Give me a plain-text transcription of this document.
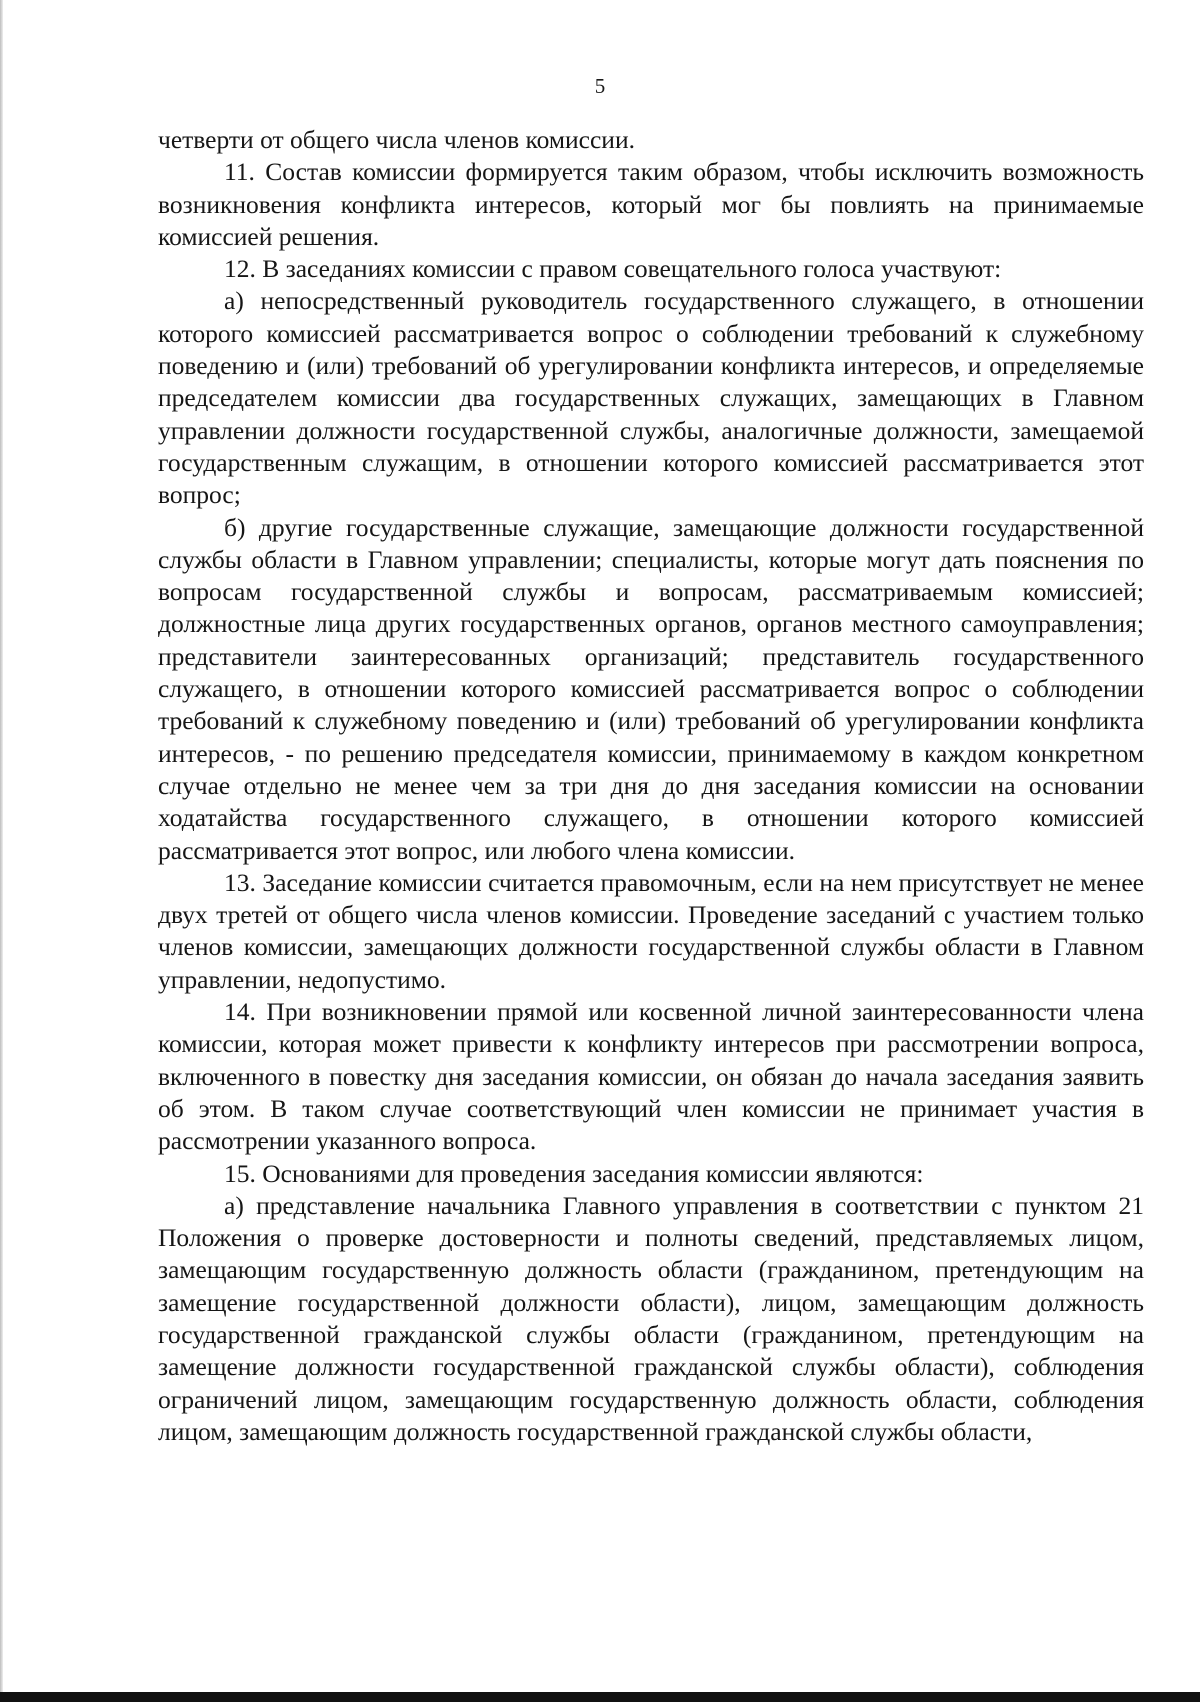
5

четверти от общего числа членов комиссии.

11. Состав комиссии формируется таким образом, чтобы исключить возможность возникновения конфликта интересов, который мог бы повлиять на принимаемые комиссией решения.

12. В заседаниях комиссии с правом совещательного голоса участвуют:

а) непосредственный руководитель государственного служащего, в отношении которого комиссией рассматривается вопрос о соблюдении требований к служебному поведению и (или) требований об урегулировании конфликта интересов, и определяемые председателем комиссии два государственных служащих, замещающих в Главном управлении должности государственной службы, аналогичные должности, замещаемой государственным служащим, в отношении которого комиссией рассматривается этот вопрос;

б) другие государственные служащие, замещающие должности государственной службы области в Главном управлении; специалисты, которые могут дать пояснения по вопросам государственной службы и вопросам, рассматриваемым комиссией; должностные лица других государственных органов, органов местного самоуправления; представители заинтересованных организаций; представитель государственного служащего, в отношении которого комиссией рассматривается вопрос о соблюдении требований к служебному поведению и (или) требований об урегулировании конфликта интересов, - по решению председателя комиссии, принимаемому в каждом конкретном случае отдельно не менее чем за три дня до дня заседания комиссии на основании ходатайства государственного служащего, в отношении которого комиссией рассматривается этот вопрос, или любого члена комиссии.

13. Заседание комиссии считается правомочным, если на нем присутствует не менее двух третей от общего числа членов комиссии. Проведение заседаний с участием только членов комиссии, замещающих должности государственной службы области в Главном управлении, недопустимо.

14. При возникновении прямой или косвенной личной заинтересованности члена комиссии, которая может привести к конфликту интересов при рассмотрении вопроса, включенного в повестку дня заседания комиссии, он обязан до начала заседания заявить об этом. В таком случае соответствующий член комиссии не принимает участия в рассмотрении указанного вопроса.

15. Основаниями для проведения заседания комиссии являются:

а) представление начальника Главного управления в соответствии с пунктом 21 Положения о проверке достоверности и полноты сведений, представляемых лицом, замещающим государственную должность области (гражданином, претендующим на замещение государственной должности области), лицом, замещающим должность государственной гражданской службы области (гражданином, претендующим на замещение должности государственной гражданской службы области), соблюдения ограничений лицом, замещающим государственную должность области, соблюдения лицом, замещающим должность государственной гражданской службы области,
